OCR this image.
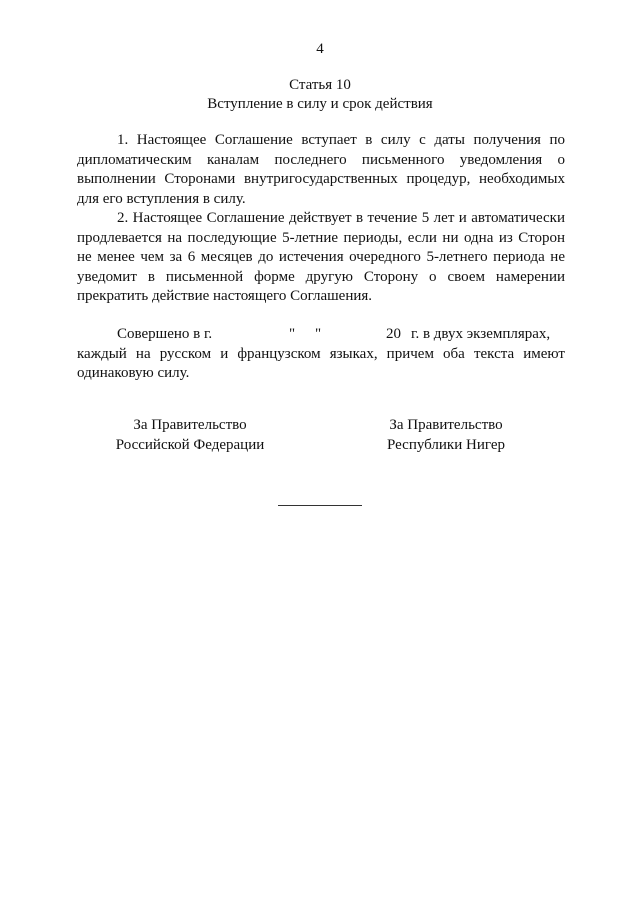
4
Статья 10
Вступление в силу и срок действия

1. Настоящее Соглашение вступает в силу с даты получения по дипломатическим каналам последнего письменного уведомления о выполнении Сторонами внутригосударственных процедур, необходимых для его вступления в силу.

2. Настоящее Соглашение действует в течение 5 лет и автоматически продлевается на последующие 5-летние периоды, если ни одна из Сторон не менее чем за 6 месяцев до истечения очередного 5-летнего периода не уведомит в письменной форме другую Сторону о своем намерении прекратить действие настоящего Соглашения.

Совершено в г.	" "	20 г. в двух экземплярах,

каждый на русском и французском языках, причем оба текста имеют одинаковую силу.

За Правительство
Российской Федерации
За Правительство
Республики Нигер
